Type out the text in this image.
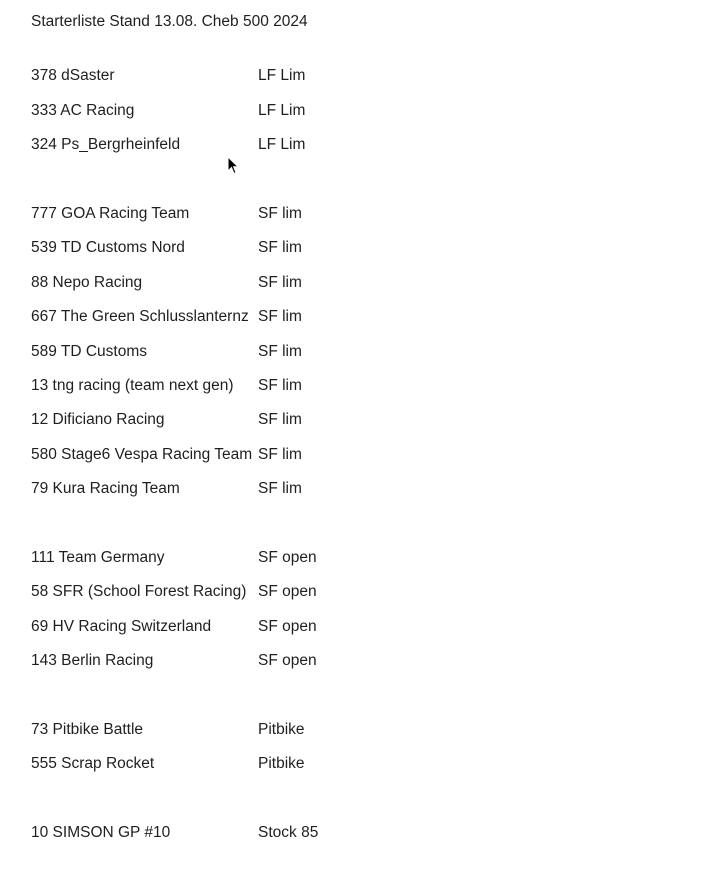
Starterliste Stand 13.08. Cheb 500 2024

378 dSaster	LF Lim
333 AC Racing	LF Lim
324 Ps_Bergrheinfeld	LF Lim
777 GOA Racing Team	SF lim
539 TD Customs Nord	SF lim
88 Nepo Racing	SF lim
667 The Green Schlusslanternz SF lim
589 TD Customs	SF lim
13 tng racing (team next gen)	SF lim
12 Dificiano Racing	SF lim
580 Stage6 Vespa Racing Team SF lim
79 Kura Racing Team	SF lim
111 Team Germany	SF open
58 SFR (School Forest Racing) SF open
69 HV Racing Switzerland	SF open
143 Berlin Racing	SF open
73 Pitbike Battle	Pitbike
555 Scrap Rocket	Pitbike
10 SIMSON GP #10	Stock 85
